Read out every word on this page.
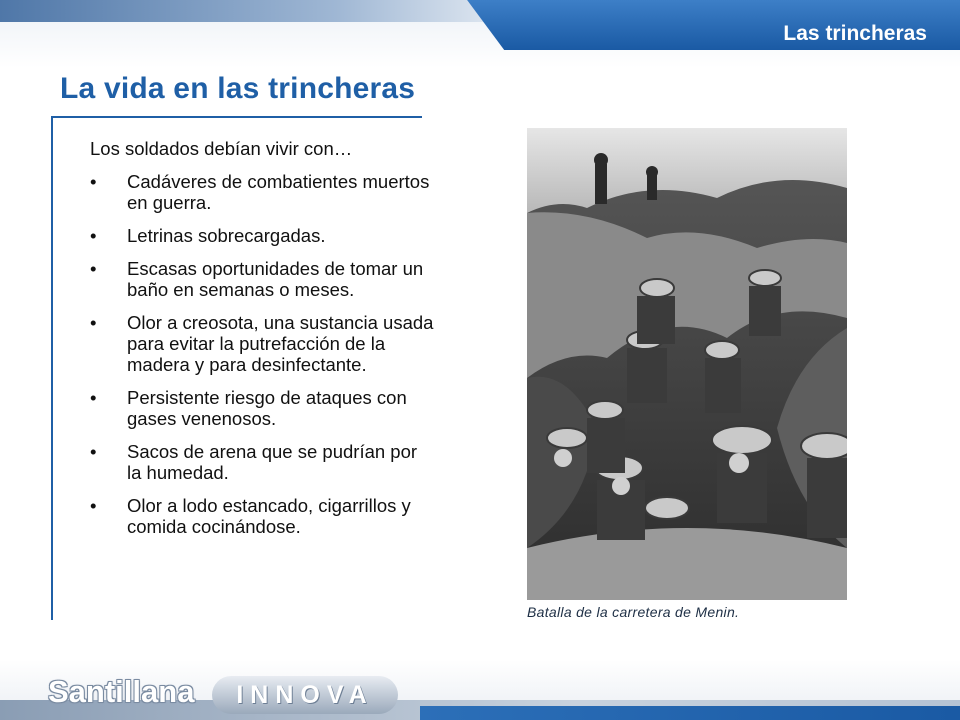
Las trincheras
La vida en las trincheras

Los soldados debían vivir con…

• Cadáveres de combatientes muertos en guerra.
• Letrinas sobrecargadas.
• Escasas oportunidades de tomar un baño en semanas o meses.
• Olor a creosota, una sustancia usada para evitar la putrefacción de la madera y para desinfectante.
• Persistente riesgo de ataques con gases venenosos.
• Sacos de arena que se pudrían por la humedad.
• Olor a lodo estancado, cigarrillos y comida cocinándose.
Batalla de la carretera de Menin.
Santillana	INNOVA
